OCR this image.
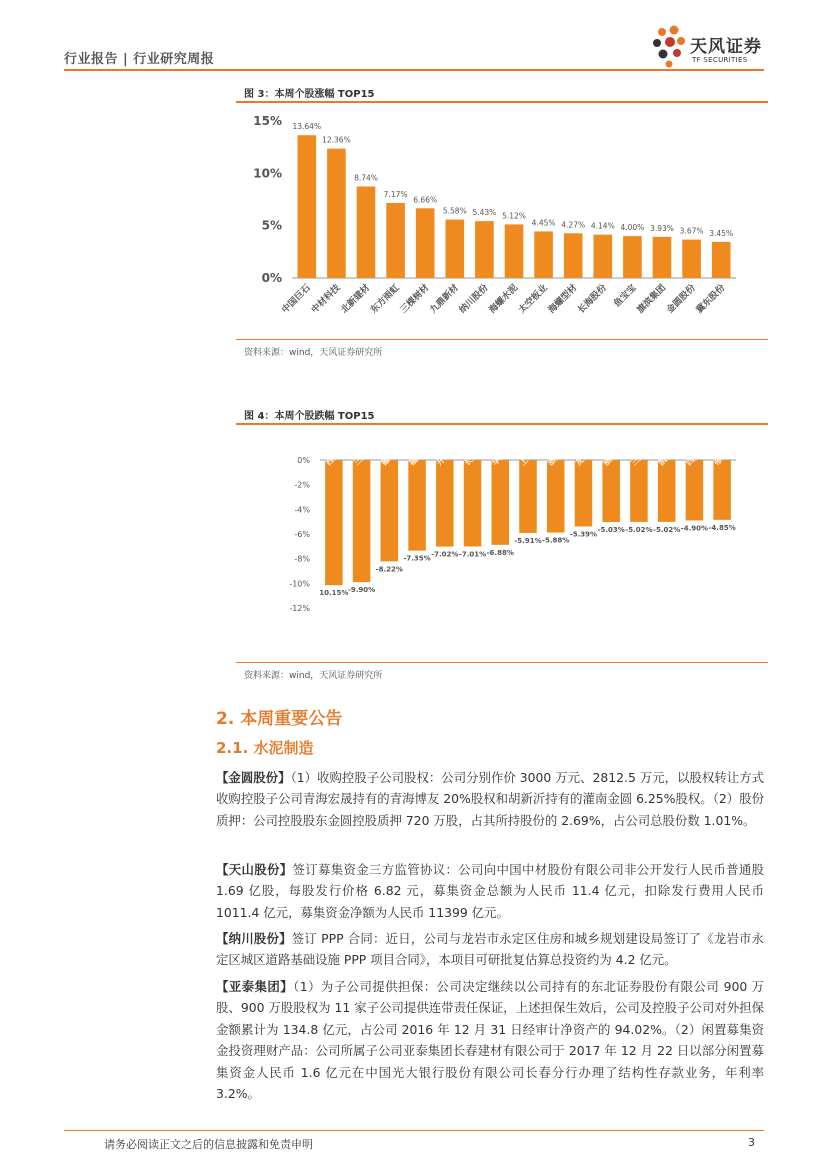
行业报告 | 行业研究周报
天风证券
TF SECURITIES
图 3：本周个股涨幅 TOP15
0%
5%
10%
15% 13.64%
中国巨石
12.36%
中材科技
8.74%
北新建材
7.17%
东方雨虹
6.66%
三棵树材
5.58%
九鼎新材
5.43%
纳川股份
5.12%
海螺水泥
4.45%
太空板业
4.27%
海螺型材
4.14%
长海股份
4.00%
鱼宝宝
3.93%
旗滨集团
3.67%
金圆股份
3.45%
冀东股份
资料来源：wind，天风证券研究所
图 4：本周个股跌幅 TOP15
0%
-2%
-4%
-6%
-8%
-10%
-12%
10.15%
西部建设
-9.90%
三圣特材
-8.22%
德尔家居
-7.35%
福达股份
-7.02%
开尔新材
-7.01%
长江健康
-6.88%
华立股份
-5.91%
上峰水泥
-5.88%
浙数实业
-5.39%
友邦吊顶
-5.03%
丽鹏股份
-5.02%
三星新材
-5.02%
凯伦股份
-4.90%
四方达
-4.85%
帝欧家居
资料来源：wind，天风证券研究所
2. 本周重要公告
2.1. 水泥制造
【金圆股份】（1）收购控股子公司股权：公司分别作价 3000 万元、2812.5 万元，以股权转让方式收购控股子公司青海宏晟持有的青海博友 20%股权和胡新沂持有的灌南金圆 6.25%股权。（2）股份质押：公司控股股东金圆控股质押 720 万股，占其所持股份的 2.69%，占公司总股份数 1.01%。
【天山股份】签订募集资金三方监管协议：公司向中国中材股份有限公司非公开发行人民币普通股 1.69 亿股，每股发行价格 6.82 元，募集资金总额为人民币 11.4 亿元，扣除发行费用人民币 1011.4 亿元，募集资金净额为人民币 11399 亿元。
【纳川股份】签订 PPP 合同：近日，公司与龙岩市永定区住房和城乡规划建设局签订了《龙岩市永定区城区道路基础设施 PPP 项目合同》，本项目可研批复估算总投资约为 4.2 亿元。
【亚泰集团】（1）为子公司提供担保：公司决定继续以公司持有的东北证券股份有限公司 900 万股、900 万股股权为 11 家子公司提供连带责任保证，上述担保生效后，公司及控股子公司对外担保金额累计为 134.8 亿元，占公司 2016 年 12 月 31 日经审计净资产的 94.02%。（2）闲置募集资金投资理财产品：公司所属子公司亚泰集团长春建材有限公司于 2017 年 12 月 22 日以部分闲置募集资金人民币 1.6 亿元在中国光大银行股份有限公司长春分行办理了结构性存款业务，年利率 3.2%。
请务必阅读正文之后的信息披露和免责申明	3
